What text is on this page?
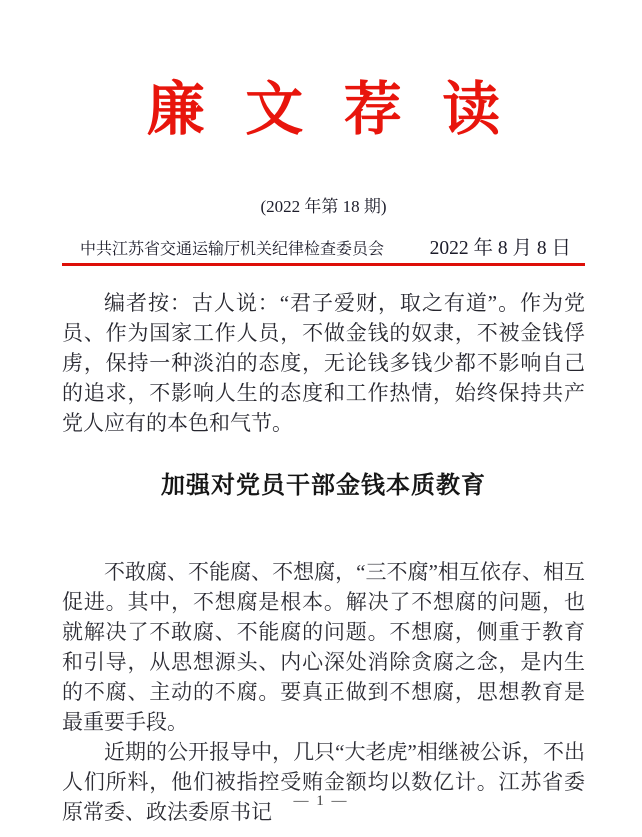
廉 文 荐 读
(2022 年第 18 期)
中共江苏省交通运输厅机关纪律检查委员会 2022 年 8 月 8 日

编者按：古人说：“君子爱财，取之有道”。作为党员、作为国家工作人员，不做金钱的奴隶，不被金钱俘虏，保持一种淡泊的态度，无论钱多钱少都不影响自己的追求，不影响人生的态度和工作热情，始终保持共产党人应有的本色和气节。

加强对党员干部金钱本质教育

不敢腐、不能腐、不想腐，“三不腐”相互依存、相互促进。其中，不想腐是根本。解决了不想腐的问题，也就解决了不敢腐、不能腐的问题。不想腐，侧重于教育和引导，从思想源头、内心深处消除贪腐之念，是内生的不腐、主动的不腐。要真正做到不想腐，思想教育是最重要手段。

近期的公开报导中，几只“大老虎”相继被公诉，不出人们所料，他们被指控受贿金额均以数亿计。江苏省委原常委、政法委原书记	— 1 —
